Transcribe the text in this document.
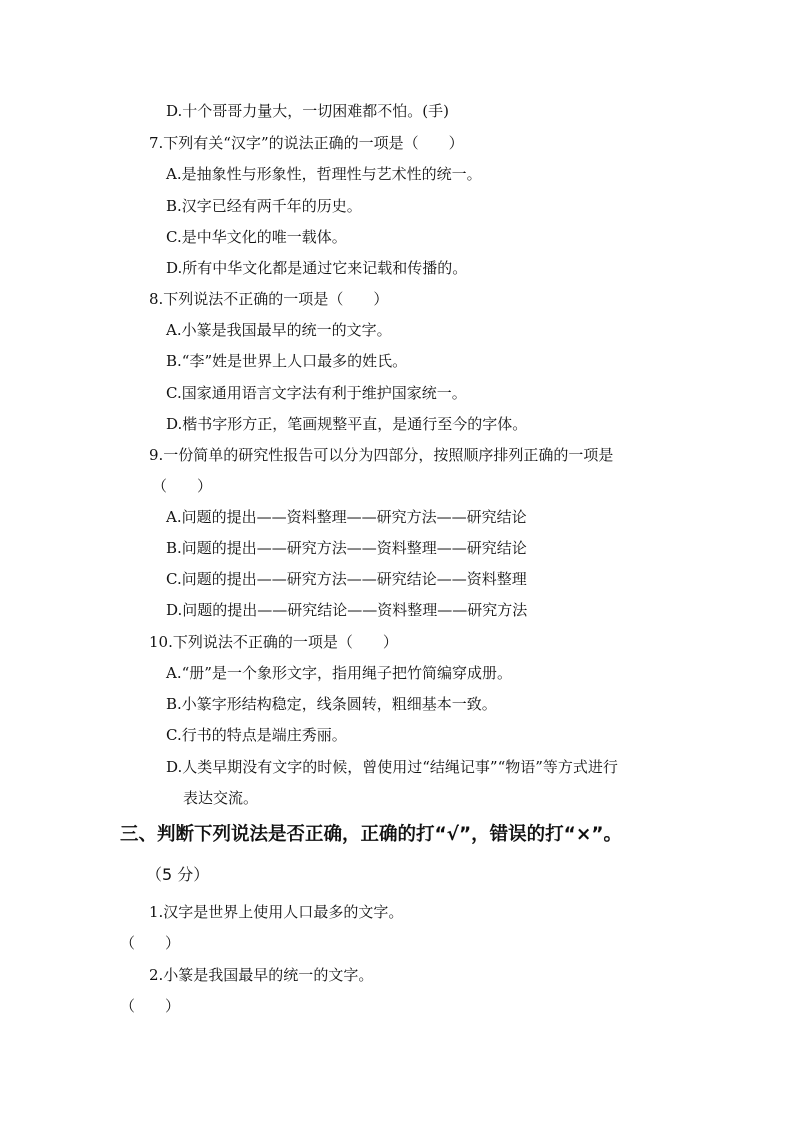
D.十个哥哥力量大，一切困难都不怕。(手)
7.下列有关“汉字”的说法正确的一项是（　　）
A.是抽象性与形象性，哲理性与艺术性的统一。
B.汉字已经有两千年的历史。
C.是中华文化的唯一载体。
D.所有中华文化都是通过它来记载和传播的。
8.下列说法不正确的一项是（　　）
A.小篆是我国最早的统一的文字。
B.“李”姓是世界上人口最多的姓氏。
C.国家通用语言文字法有利于维护国家统一。
D.楷书字形方正，笔画规整平直，是通行至今的字体。
9.一份简单的研究性报告可以分为四部分，按照顺序排列正确的一项是
（　　）
A.问题的提出——资料整理——研究方法——研究结论
B.问题的提出——研究方法——资料整理——研究结论
C.问题的提出——研究方法——研究结论——资料整理
D.问题的提出——研究结论——资料整理——研究方法
10.下列说法不正确的一项是（　　）
A.“册”是一个象形文字，指用绳子把竹简编穿成册。
B.小篆字形结构稳定，线条圆转，粗细基本一致。
C.行书的特点是端庄秀丽。
D.人类早期没有文字的时候，曾使用过“结绳记事”“物语”等方式进行
表达交流。
三、判断下列说法是否正确，正确的打“√”，错误的打“×”。
（5 分）
1.汉字是世界上使用人口最多的文字。
（　　）
2.小篆是我国最早的统一的文字。
（　　）
